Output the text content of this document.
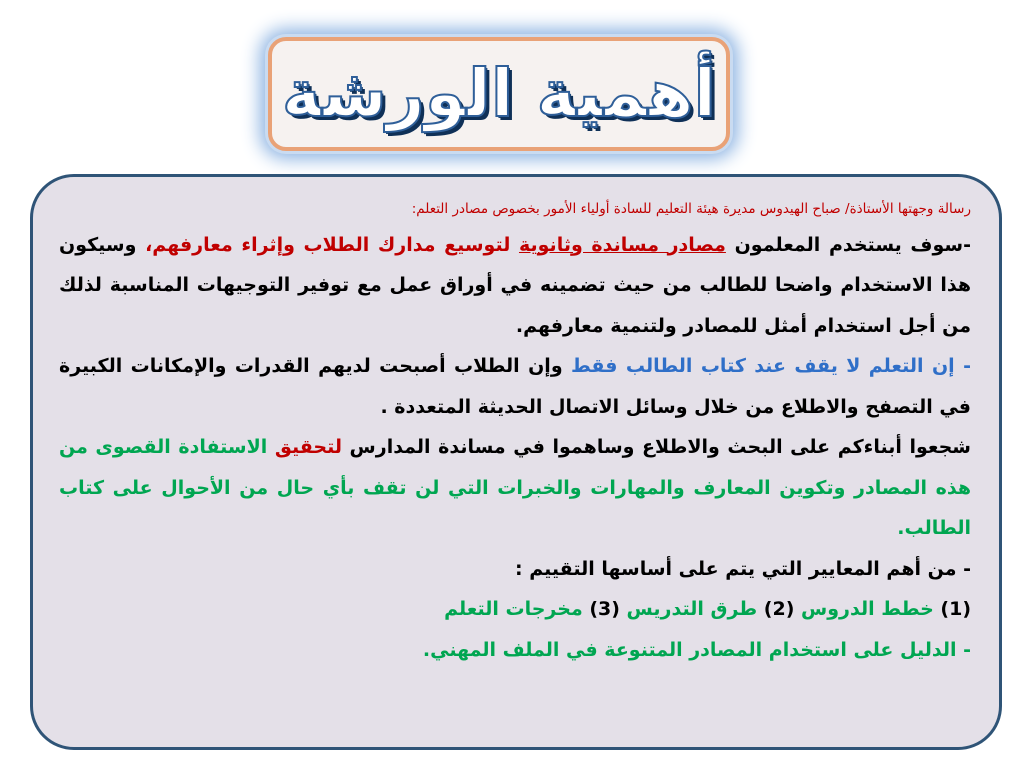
أهمية الورشة

رسالة وجهتها الأستاذة/ صباح الهيدوس مديرة هيئة التعليم للسادة أولياء الأمور بخصوص مصادر التعلم:

-سوف يستخدم المعلمون مصادر مساندة وثانوية لتوسيع مدارك الطلاب وإثراء معارفهم، وسيكون هذا الاستخدام واضحا للطالب من حيث تضمينه في أوراق عمل مع توفير التوجيهات المناسبة لذلك من أجل استخدام أمثل للمصادر ولتنمية معارفهم.

- إن التعلم لا يقف عند كتاب الطالب فقط وإن الطلاب أصبحت لديهم القدرات والإمكانات الكبيرة في التصفح والاطلاع من خلال وسائل الاتصال الحديثة المتعددة .

شجعوا أبناءكم على البحث والاطلاع وساهموا في مساندة المدارس لتحقيق الاستفادة القصوى من هذه المصادر وتكوين المعارف والمهارات والخبرات التي لن تقف بأي حال من الأحوال على كتاب الطالب.

- من أهم المعايير التي يتم على أساسها التقييم :

(1) خطط الدروس (2) طرق التدريس (3) مخرجات التعلم

- الدليل على استخدام المصادر المتنوعة في الملف المهني.
